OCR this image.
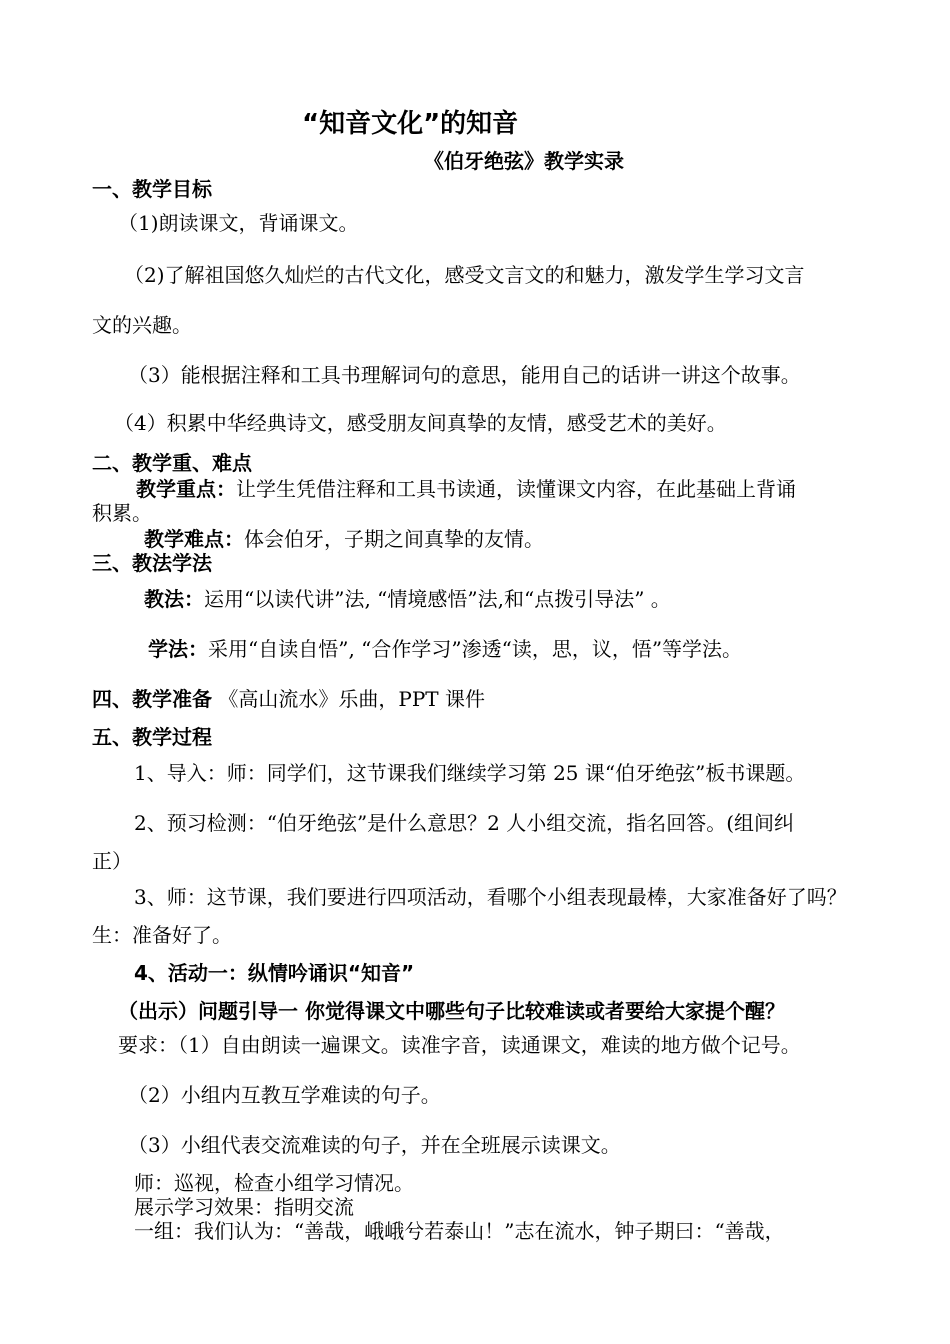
“知音文化”的知音
《伯牙绝弦》教学实录
一、教学目标
（1)朗读课文，背诵课文。
（2)了解祖国悠久灿烂的古代文化，感受文言文的和魅力，激发学生学习文言
文的兴趣。
（3）能根据注释和工具书理解词句的意思，能用自己的话讲一讲这个故事。
（4）积累中华经典诗文，感受朋友间真挚的友情，感受艺术的美好。
二、教学重、难点
教学重点：让学生凭借注释和工具书读通，读懂课文内容，在此基础上背诵
积累。
教学难点：体会伯牙，子期之间真挚的友情。
三、教法学法
教法：运用“以读代讲”法, “情境感悟”法,和“点拨引导法” 。
学法：采用“自读自悟”, “合作学习”渗透“读，思，议，悟”等学法。
四、教学准备 《高山流水》乐曲，PPT 课件
五、教学过程
1、导入：师：同学们，这节课我们继续学习第 25 课“伯牙绝弦”板书课题。
2、预习检测：“伯牙绝弦”是什么意思？2 人小组交流，指名回答。(组间纠
正）
3、师：这节课，我们要进行四项活动，看哪个小组表现最棒，大家准备好了吗？
生：准备好了。
4、活动一：纵情吟诵识“知音”
（出示）问题引导一 你觉得课文中哪些句子比较难读或者要给大家提个醒？
要求：（1）自由朗读一遍课文。读准字音，读通课文，难读的地方做个记号。
（2）小组内互教互学难读的句子。
（3）小组代表交流难读的句子，并在全班展示读课文。
师：巡视，检查小组学习情况。
展示学习效果：指明交流
一组：我们认为：“善哉，峨峨兮若泰山！”志在流水，钟子期曰：“善哉，
